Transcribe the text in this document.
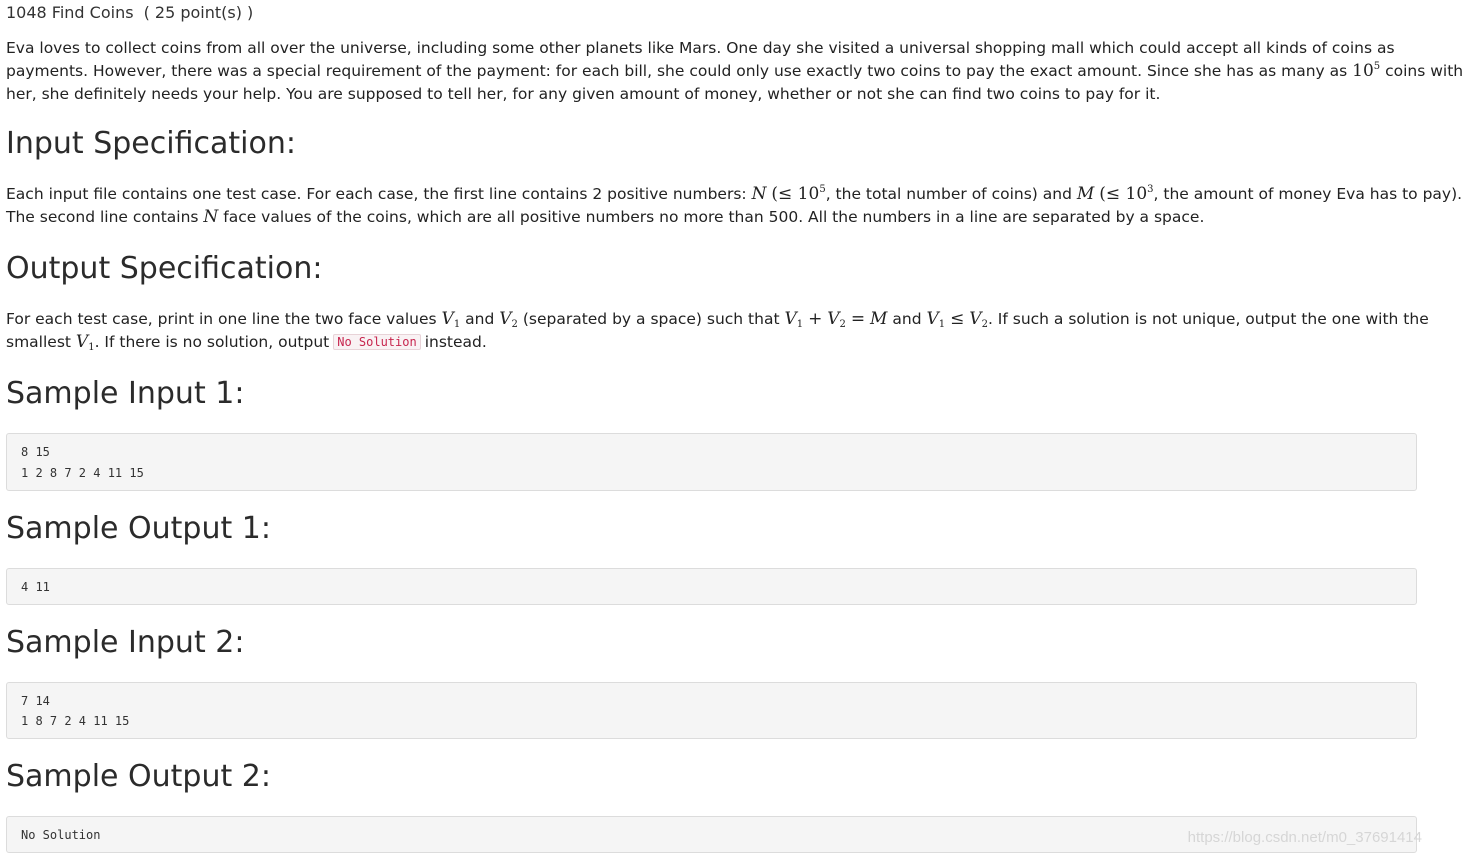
1048 Find Coins ( 25 point(s) )
Eva loves to collect coins from all over the universe, including some other planets like Mars. One day she visited a universal shopping mall which could accept all kinds of coins as
payments. However, there was a special requirement of the payment: for each bill, she could only use exactly two coins to pay the exact amount. Since she has as many as $10^5$ coins with
her, she definitely needs your help. You are supposed to tell her, for any given amount of money, whether or not she can find two coins to pay for it.
Input Specification:
Each input file contains one test case. For each case, the first line contains 2 positive numbers: N (≤ $10^5$, the total number of coins) and M (≤ $10^3$, the amount of money Eva has to pay).
The second line contains N face values of the coins, which are all positive numbers no more than 500. All the numbers in a line are separated by a space.
Output Specification:
For each test case, print in one line the two face values $V_1$ and $V_2$ (separated by a space) such that $V_1 + V_2 = M$ and $V_1 \le V_2$. If such a solution is not unique, output the one with the
smallest $V_1$. If there is no solution, output No Solution instead.
Sample Input 1:
8 15
1 2 8 7 2 4 11 15
Sample Output 1:
4 11
Sample Input 2:
7 14
1 8 7 2 4 11 15
Sample Output 2:
No Solution	https://blog.csdn.net/m0_37691414
